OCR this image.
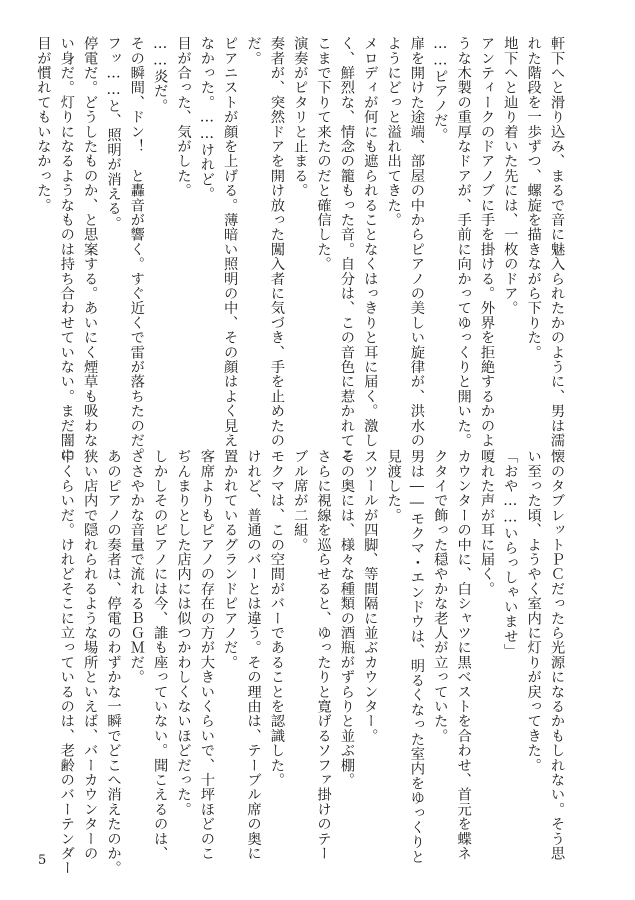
軒下へと滑り込み、まるで音に魅入られたかのように、男は濡

れた階段を一歩ずつ、螺旋を描きながら下りた。

地下へと辿り着いた先には、一枚のドア。

アンティークのドアノブに手を掛ける。外界を拒絶するかのよ

うな木製の重厚なドアが、手前に向かってゆっくりと開いた。

……ピアノだ。

扉を開けた途端、部屋の中からピアノの美しい旋律が、洪水の

ようにどっと溢れ出てきた。

メロディが何にも遮られることなくはっきりと耳に届く。激し

く、鮮烈な、情念の籠もった音。自分は、この音色に惹かれてこ

こまで下りて来たのだと確信した。

演奏がピタリと止まる。

奏者が、突然ドアを開け放った闖入者に気づき、手を止めたの

だ。

ピアニストが顔を上げる。薄暗い照明の中、その顔はよく見え

なかった。……けれど。

目が合った、気がした。

……炎だ。

その瞬間、ドン！　と轟音が響く。すぐ近くで雷が落ちたのだ。

フッ……と、照明が消える。

停電だ。どうしたものか、と思案する。あいにく煙草も吸わな

い身だ。灯りになるようなものは持ち合わせていない。まだ闇に

目が慣れてもいなかった。

懐のタブレットＰＣだったら光源になるかもしれない。そう思

い至った頃、ようやく室内に灯りが戻ってきた。

「おや……いらっしゃいませ」

嗄れた声が耳に届く。

カウンターの中に、白シャツに黒ベストを合わせ、首元を蝶ネ

クタイで飾った穏やかな老人が立っていた。

男は――モクマ・エンドウは、明るくなった室内をゆっくりと

見渡した。

スツールが四脚、等間隔に並ぶカウンター。

その奥には、様々な種類の酒瓶がずらりと並ぶ棚。

さらに視線を巡らせると、ゆったりと寛げるソファ掛けのテー

ブル席が二組。

モクマは、この空間がバーであることを認識した。

けれど、普通のバーとは違う。その理由は、テーブル席の奥に

置かれているグランドピアノだ。

客席よりもピアノの存在の方が大きいくらいで、十坪ほどのこ

ぢんまりとした店内には似つかわしくないほどだった。

しかしそのピアノには今、誰も座っていない。聞こえるのは、

ささやかな音量で流れるＢＧＭだ。

あのピアノの奏者は、停電のわずかな一瞬でどこへ消えたのか。

狭い店内で隠れられるような場所といえば、バーカウンターの

中くらいだ。けれどそこに立っているのは、老齢のバーテンダー

5
